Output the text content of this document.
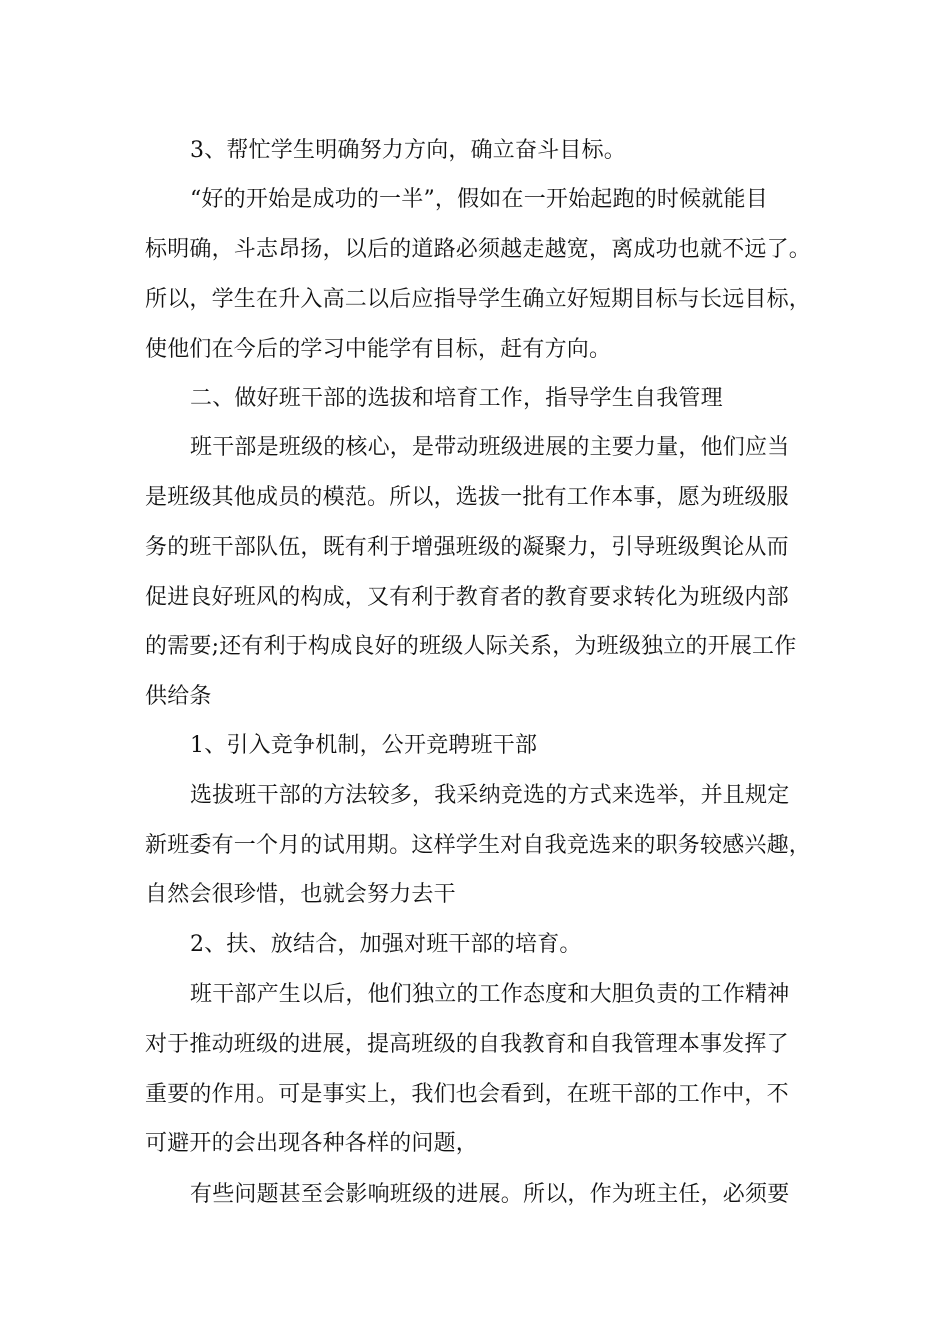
3、帮忙学生明确努力方向，确立奋斗目标。
“好的开始是成功的一半”，假如在一开始起跑的时候就能目
标明确，斗志昂扬，以后的道路必须越走越宽，离成功也就不远了。
所以，学生在升入高二以后应指导学生确立好短期目标与长远目标，
使他们在今后的学习中能学有目标，赶有方向。
二、做好班干部的选拔和培育工作，指导学生自我管理
班干部是班级的核心，是带动班级进展的主要力量，他们应当
是班级其他成员的模范。所以，选拔一批有工作本事，愿为班级服
务的班干部队伍，既有利于增强班级的凝聚力，引导班级舆论从而
促进良好班风的构成，又有利于教育者的教育要求转化为班级内部
的需要;还有利于构成良好的班级人际关系，为班级独立的开展工作
供给条
1、引入竞争机制，公开竞聘班干部
选拔班干部的方法较多，我采纳竞选的方式来选举，并且规定
新班委有一个月的试用期。这样学生对自我竞选来的职务较感兴趣，
自然会很珍惜，也就会努力去干
2、扶、放结合，加强对班干部的培育。
班干部产生以后，他们独立的工作态度和大胆负责的工作精神
对于推动班级的进展，提高班级的自我教育和自我管理本事发挥了
重要的作用。可是事实上，我们也会看到，在班干部的工作中，不
可避开的会出现各种各样的问题，
有些问题甚至会影响班级的进展。所以，作为班主任，必须要
